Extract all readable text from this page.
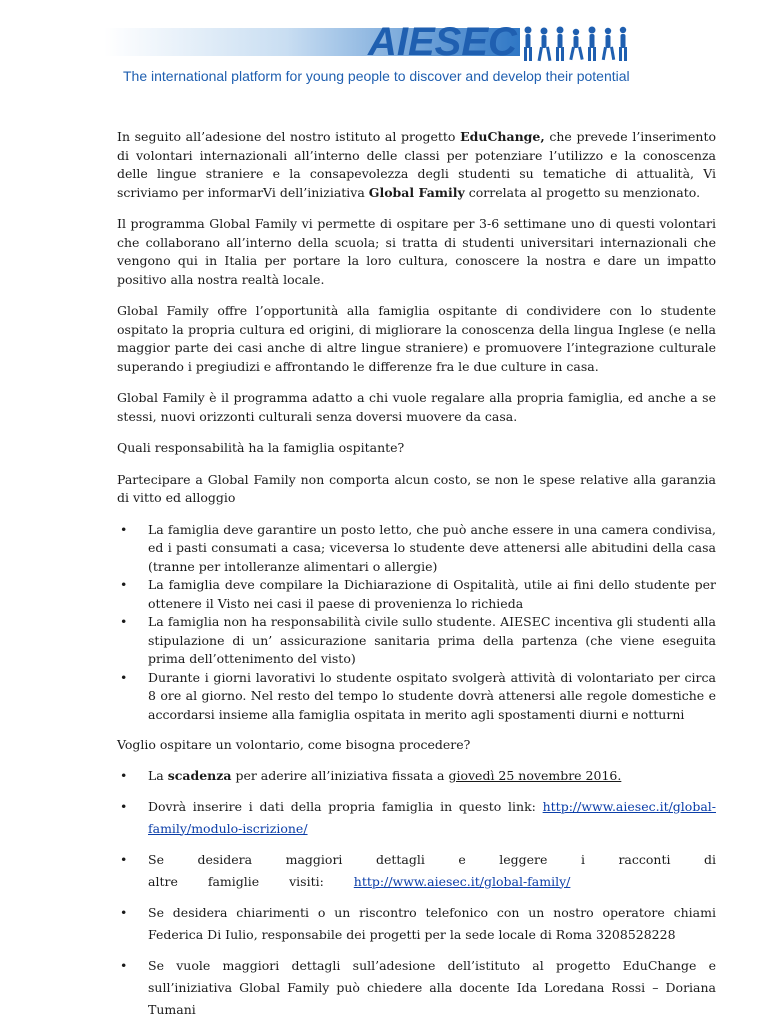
AIESEC
The international platform for young people to discover and develop their potential

In seguito all’adesione del nostro istituto al progetto EduChange, che prevede l’inserimento di volontari internazionali all’interno delle classi per potenziare l’utilizzo e la conoscenza delle lingue straniere e la consapevolezza degli studenti su tematiche di attualità, Vi scriviamo per informarVi dell’iniziativa Global Family correlata al progetto su menzionato.

Il programma Global Family vi permette di ospitare per 3-6 settimane uno di questi volontari che collaborano all’interno della scuola; si tratta di studenti universitari internazionali che vengono qui in Italia per portare la loro cultura, conoscere la nostra e dare un impatto positivo alla nostra realtà locale.

Global Family offre l’opportunità alla famiglia ospitante di condividere con lo studente ospitato la propria cultura ed origini, di migliorare la conoscenza della lingua Inglese (e nella maggior parte dei casi anche di altre lingue straniere) e promuovere l’integrazione culturale superando i pregiudizi e affrontando le differenze fra le due culture in casa.

Global Family è il programma adatto a chi vuole regalare alla propria famiglia, ed anche a se stessi, nuovi orizzonti culturali senza doversi muovere da casa.

Quali responsabilità ha la famiglia ospitante?

Partecipare a Global Family non comporta alcun costo, se non le spese relative alla garanzia di vitto ed alloggio

• La famiglia deve garantire un posto letto, che può anche essere in una camera condivisa, ed i pasti consumati a casa; viceversa lo studente deve attenersi alle abitudini della casa (tranne per intolleranze alimentari o allergie)
• La famiglia deve compilare la Dichiarazione di Ospitalità, utile ai fini dello studente per ottenere il Visto nei casi il paese di provenienza lo richieda
• La famiglia non ha responsabilità civile sullo studente. AIESEC incentiva gli studenti alla stipulazione di un’ assicurazione sanitaria prima della partenza (che viene eseguita prima dell’ottenimento del visto)
• Durante i giorni lavorativi lo studente ospitato svolgerà attività di volontariato per circa 8 ore al giorno. Nel resto del tempo lo studente dovrà attenersi alle regole domestiche e accordarsi insieme alla famiglia ospitata in merito agli spostamenti diurni e notturni

Voglio ospitare un volontario, come bisogna procedere?

• La scadenza per aderire all’iniziativa fissata a giovedì 25 novembre 2016.
• Dovrà inserire i dati della propria famiglia in questo link: http://www.aiesec.it/global-family/modulo-iscrizione/
• Se desidera maggiori dettagli e leggere i racconti di altre famiglie visiti: http://www.aiesec.it/global-family/
• Se desidera chiarimenti o un riscontro telefonico con un nostro operatore chiami Federica Di Iulio, responsabile dei progetti per la sede locale di Roma 3208528228
• Se vuole maggiori dettagli sull’adesione dell’istituto al progetto EduChange e sull’iniziativa Global Family può chiedere alla docente Ida Loredana Rossi – Doriana Tumani
